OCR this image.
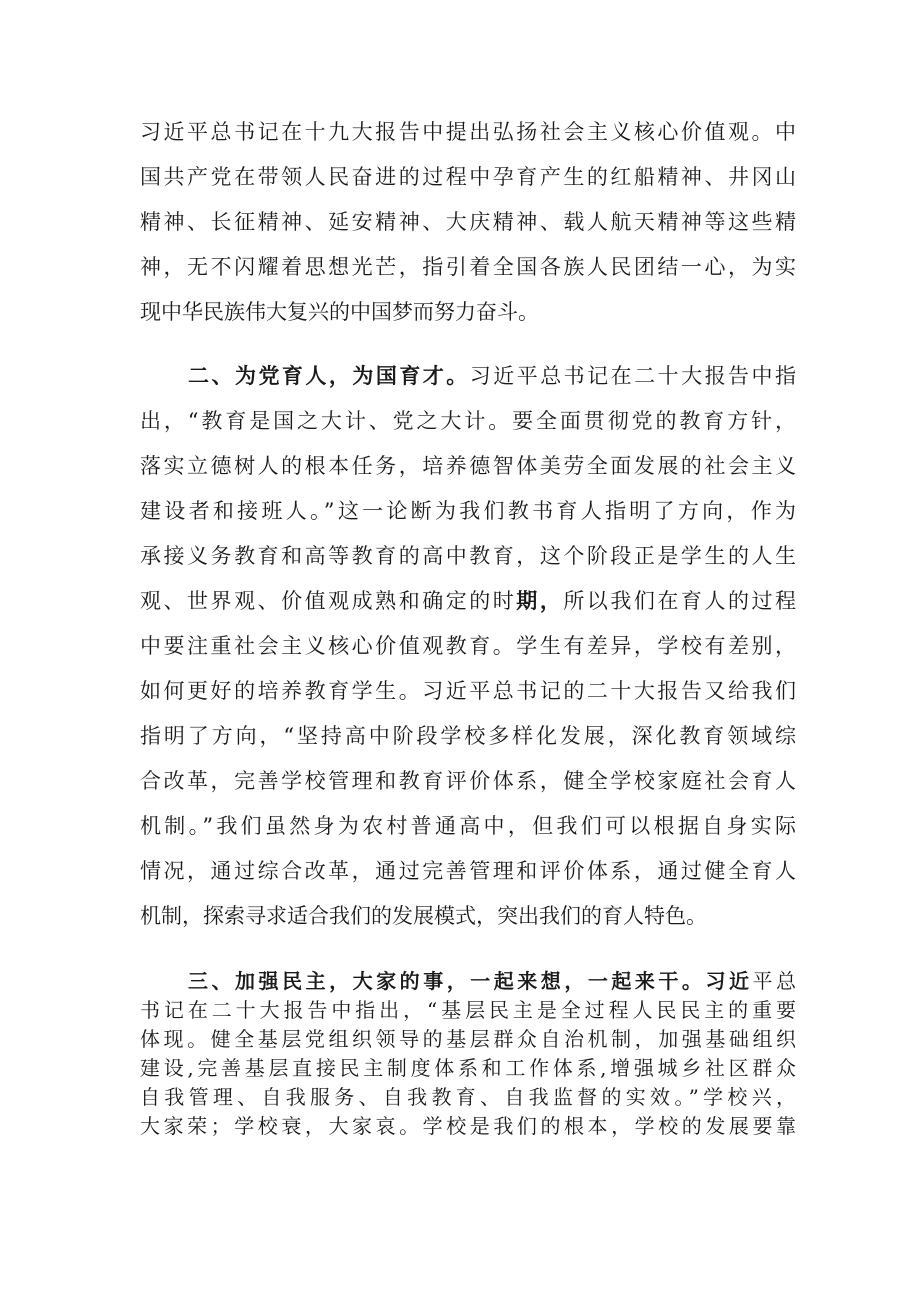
习近平总书记在十九大报告中提出弘扬社会主义核心价值观。中
国共产党在带领人民奋进的过程中孕育产生的红船精神、井冈山
精神、长征精神、延安精神、大庆精神、载人航天精神等这些精
神，无不闪耀着思想光芒，指引着全国各族人民团结一心，为实
现中华民族伟大复兴的中国梦而努力奋斗。
二、为党育人，为国育才。习近平总书记在二十大报告中指
出，“教育是国之大计、党之大计。要全面贯彻党的教育方针，
落实立德树人的根本任务，培养德智体美劳全面发展的社会主义
建设者和接班人。”这一论断为我们教书育人指明了方向，作为
承接义务教育和高等教育的高中教育，这个阶段正是学生的人生
观、世界观、价值观成熟和确定的时期，所以我们在育人的过程
中要注重社会主义核心价值观教育。学生有差异，学校有差别，
如何更好的培养教育学生。习近平总书记的二十大报告又给我们
指明了方向，“坚持高中阶段学校多样化发展，深化教育领域综
合改革，完善学校管理和教育评价体系，健全学校家庭社会育人
机制。”我们虽然身为农村普通高中，但我们可以根据自身实际
情况，通过综合改革，通过完善管理和评价体系，通过健全育人
机制，探索寻求适合我们的发展模式，突出我们的育人特色。
三、加强民主，大家的事，一起来想，一起来干。习近平总
书记在二十大报告中指出，“基层民主是全过程人民民主的重要
体现。健全基层党组织领导的基层群众自治机制，加强基础组织
建设,完善基层直接民主制度体系和工作体系,增强城乡社区群众
自我管理、自我服务、自我教育、自我监督的实效。”学校兴，
大家荣；学校衰，大家哀。学校是我们的根本，学校的发展要靠
